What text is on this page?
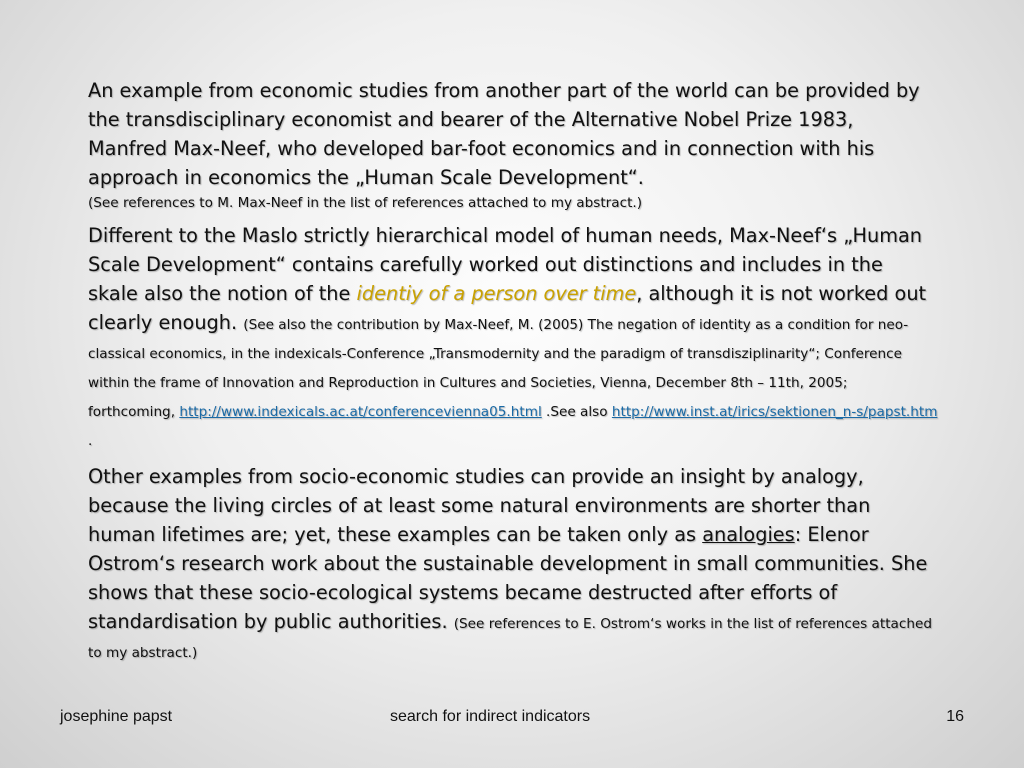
An example from economic studies from another part of the world can be provided by the transdisciplinary economist and bearer of the Alternative Nobel Prize 1983, Manfred Max-Neef, who developed bar-foot economics and in connection with his approach in economics the „Human Scale Development“.
(See references to M. Max-Neef in the list of references attached to my abstract.)

Different to the Maslo strictly hierarchical model of human needs, Max-Neef‘s „Human Scale Development“ contains carefully worked out distinctions and includes in the skale also the notion of the identiy of a person over time, although it is not worked out clearly enough. (See also the contribution by Max-Neef, M. (2005) The negation of identity as a condition for neo-classical economics, in the indexicals-Conference „Transmodernity and the paradigm of transdisziplinarity“; Conference within the frame of Innovation and Reproduction in Cultures and Societies, Vienna, December 8th – 11th, 2005; forthcoming, http://www.indexicals.ac.at/conferencevienna05.html .See also http://www.inst.at/irics/sektionen_n-s/papst.htm .

Other examples from socio-economic studies can provide an insight by analogy, because the living circles of at least some natural environments are shorter than human lifetimes are; yet, these examples can be taken only as analogies: Elenor Ostrom‘s research work about the sustainable development in small communities. She shows that these socio-ecological systems became destructed after efforts of standardisation by public authorities. (See references to E. Ostrom‘s works in the list of references attached to my abstract.)

josephine papst	search for indirect indicators	16
